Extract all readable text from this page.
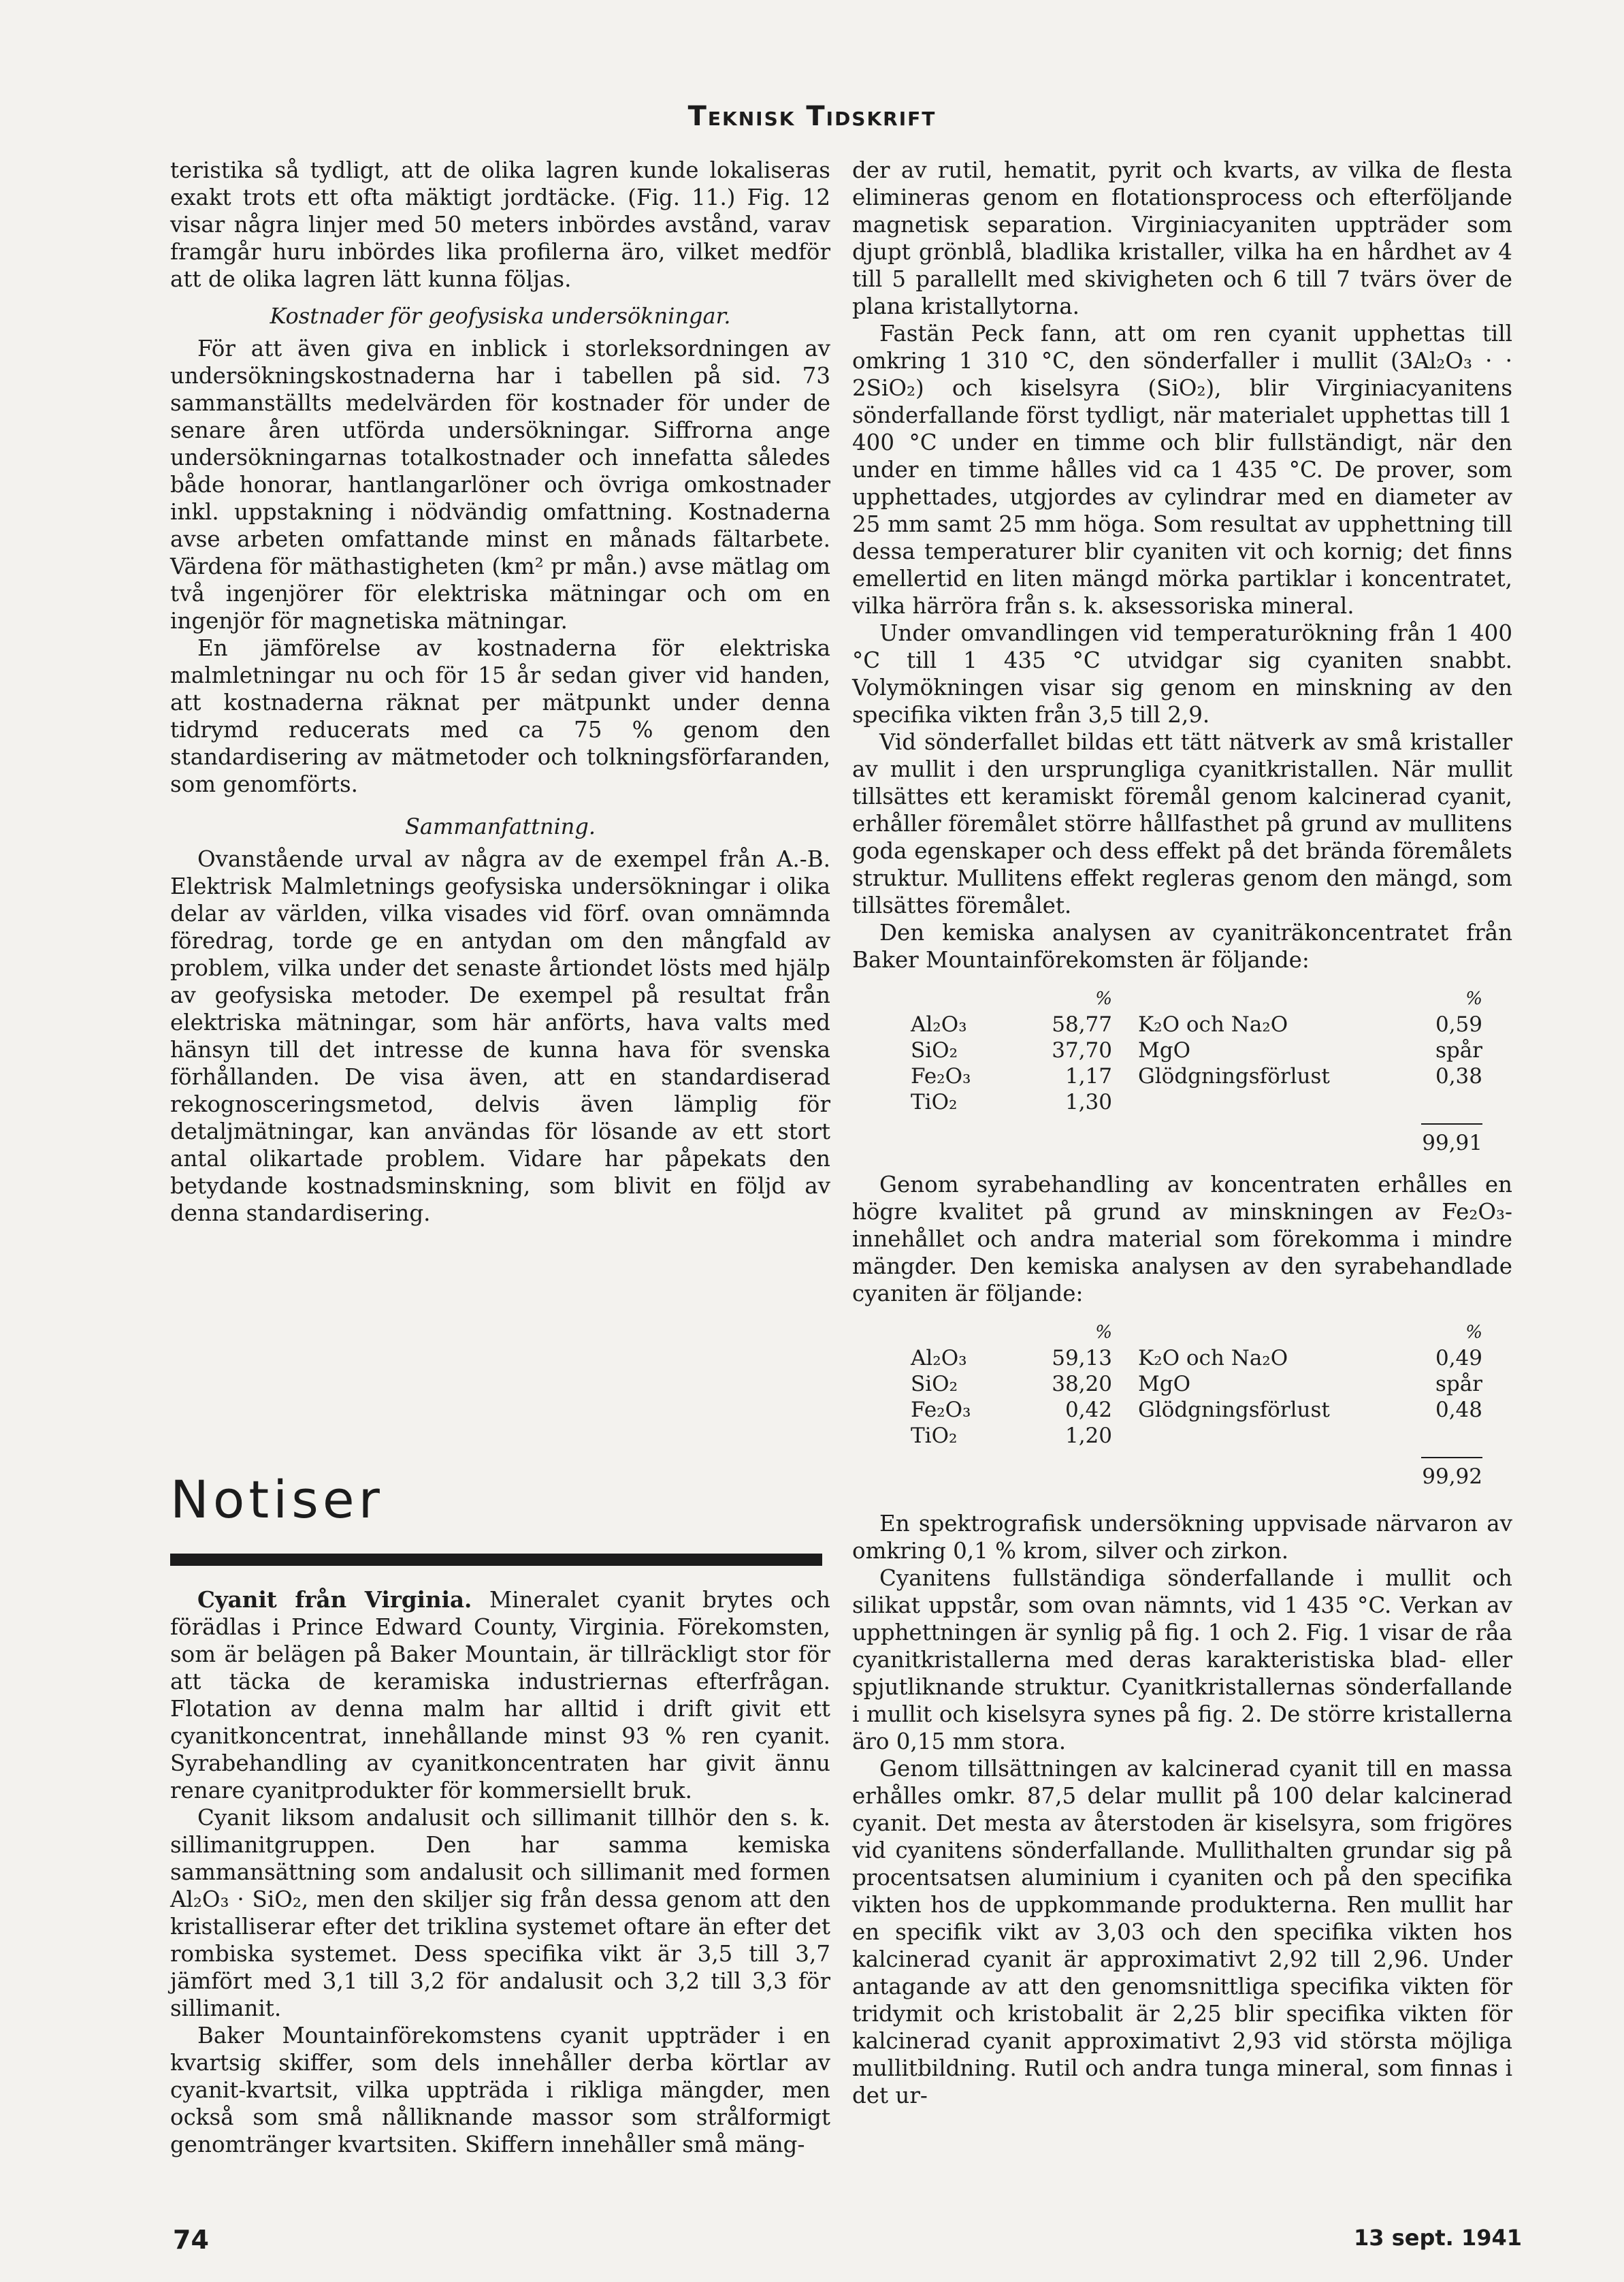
Teknisk Tidskrift

teristika så tydligt, att de olika lagren kunde lokaliseras exakt trots ett ofta mäktigt jordtäcke. (Fig. 11.) Fig. 12 visar några linjer med 50 meters inbördes avstånd, varav framgår huru inbördes lika profilerna äro, vilket medför att de olika lagren lätt kunna följas.

Kostnader för geofysiska undersökningar.

För att även giva en inblick i storleksordningen av undersökningskostnaderna har i tabellen på sid. 73 sammanställts medelvärden för kostnader för under de senare åren utförda undersökningar. Siffrorna ange undersökningarnas totalkostnader och innefatta således både honorar, hantlangarlöner och övriga omkostnader inkl. uppstakning i nödvändig omfattning. Kostnaderna avse arbeten omfattande minst en månads fältarbete. Värdena för mäthastigheten (km² pr mån.) avse mätlag om två ingenjörer för elektriska mätningar och om en ingenjör för magnetiska mätningar.

En jämförelse av kostnaderna för elektriska malmletningar nu och för 15 år sedan giver vid handen, att kostnaderna räknat per mätpunkt under denna tidrymd reducerats med ca 75 % genom den standardisering av mätmetoder och tolkningsförfaranden, som genomförts.

Sammanfattning.

Ovanstående urval av några av de exempel från A.-B. Elektrisk Malmletnings geofysiska undersökningar i olika delar av världen, vilka visades vid förf. ovan omnämnda föredrag, torde ge en antydan om den mångfald av problem, vilka under det senaste årtiondet lösts med hjälp av geofysiska metoder. De exempel på resultat från elektriska mätningar, som här anförts, hava valts med hänsyn till det intresse de kunna hava för svenska förhållanden. De visa även, att en standardiserad rekognosceringsmetod, delvis även lämplig för detaljmätningar, kan användas för lösande av ett stort antal olikartade problem. Vidare har påpekats den betydande kostnadsminskning, som blivit en följd av denna standardisering.

Notiser

Cyanit från Virginia. Mineralet cyanit brytes och förädlas i Prince Edward County, Virginia. Förekomsten, som är belägen på Baker Mountain, är tillräckligt stor för att täcka de keramiska industriernas efterfrågan. Flotation av denna malm har alltid i drift givit ett cyanitkoncentrat, innehållande minst 93 % ren cyanit. Syrabehandling av cyanitkoncentraten har givit ännu renare cyanitprodukter för kommersiellt bruk.

Cyanit liksom andalusit och sillimanit tillhör den s. k. sillimanitgruppen. Den har samma kemiska sammansättning som andalusit och sillimanit med formen Al₂O₃ · SiO₂, men den skiljer sig från dessa genom att den kristalliserar efter det triklina systemet oftare än efter det rombiska systemet. Dess specifika vikt är 3,5 till 3,7 jämfört med 3,1 till 3,2 för andalusit och 3,2 till 3,3 för sillimanit.

Baker Mountainförekomstens cyanit uppträder i en kvartsig skiffer, som dels innehåller derba körtlar av cyanit-kvartsit, vilka uppträda i rikliga mängder, men också som små nålliknande massor som strålformigt genomtränger kvartsiten. Skiffern innehåller små mäng-

der av rutil, hematit, pyrit och kvarts, av vilka de flesta elimineras genom en flotationsprocess och efterföljande magnetisk separation. Virginiacyaniten uppträder som djupt grönblå, bladlika kristaller, vilka ha en hårdhet av 4 till 5 parallellt med skivigheten och 6 till 7 tvärs över de plana kristallytorna.

Fastän Peck fann, att om ren cyanit upphettas till omkring 1 310 °C, den sönderfaller i mullit (3Al₂O₃ · · 2SiO₂) och kiselsyra (SiO₂), blir Virginiacyanitens sönderfallande först tydligt, när materialet upphettas till 1 400 °C under en timme och blir fullständigt, när den under en timme hålles vid ca 1 435 °C. De prover, som upphettades, utgjordes av cylindrar med en diameter av 25 mm samt 25 mm höga. Som resultat av upphettning till dessa temperaturer blir cyaniten vit och kornig; det finns emellertid en liten mängd mörka partiklar i koncentratet, vilka härröra från s. k. aksessoriska mineral.

Under omvandlingen vid temperaturökning från 1 400 °C till 1 435 °C utvidgar sig cyaniten snabbt. Volymökningen visar sig genom en minskning av den specifika vikten från 3,5 till 2,9.

Vid sönderfallet bildas ett tätt nätverk av små kristaller av mullit i den ursprungliga cyanitkristallen. När mullit tillsättes ett keramiskt föremål genom kalcinerad cyanit, erhåller föremålet större hållfasthet på grund av mullitens goda egenskaper och dess effekt på det brända föremålets struktur. Mullitens effekt regleras genom den mängd, som tillsättes föremålet.

Den kemiska analysen av cyaniträkoncentratet från Baker Mountainförekomsten är följande:

%	%
Al₂O₃	58,77	K₂O och Na₂O	0,59
SiO₂	37,70	MgO	spår
Fe₂O₃	1,17	Glödgningsförlust	0,38
TiO₂	1,30
99,91

Genom syrabehandling av koncentraten erhålles en högre kvalitet på grund av minskningen av Fe₂O₃-innehållet och andra material som förekomma i mindre mängder. Den kemiska analysen av den syrabehandlade cyaniten är följande:

%	%
Al₂O₃	59,13	K₂O och Na₂O	0,49
SiO₂	38,20	MgO	spår
Fe₂O₃	0,42	Glödgningsförlust	0,48
TiO₂	1,20
99,92

En spektrografisk undersökning uppvisade närvaron av omkring 0,1 % krom, silver och zirkon.

Cyanitens fullständiga sönderfallande i mullit och silikat uppstår, som ovan nämnts, vid 1 435 °C. Verkan av upphettningen är synlig på fig. 1 och 2. Fig. 1 visar de råa cyanitkristallerna med deras karakteristiska blad- eller spjutliknande struktur. Cyanitkristallernas sönderfallande i mullit och kiselsyra synes på fig. 2. De större kristallerna äro 0,15 mm stora.

Genom tillsättningen av kalcinerad cyanit till en massa erhålles omkr. 87,5 delar mullit på 100 delar kalcinerad cyanit. Det mesta av återstoden är kiselsyra, som frigöres vid cyanitens sönderfallande. Mullithalten grundar sig på procentsatsen aluminium i cyaniten och på den specifika vikten hos de uppkommande produkterna. Ren mullit har en specifik vikt av 3,03 och den specifika vikten hos kalcinerad cyanit är approximativt 2,92 till 2,96. Under antagande av att den genomsnittliga specifika vikten för tridymit och kristobalit är 2,25 blir specifika vikten för kalcinerad cyanit approximativt 2,93 vid största möjliga mullitbildning. Rutil och andra tunga mineral, som finnas i det ur-

74	13 sept. 1941
